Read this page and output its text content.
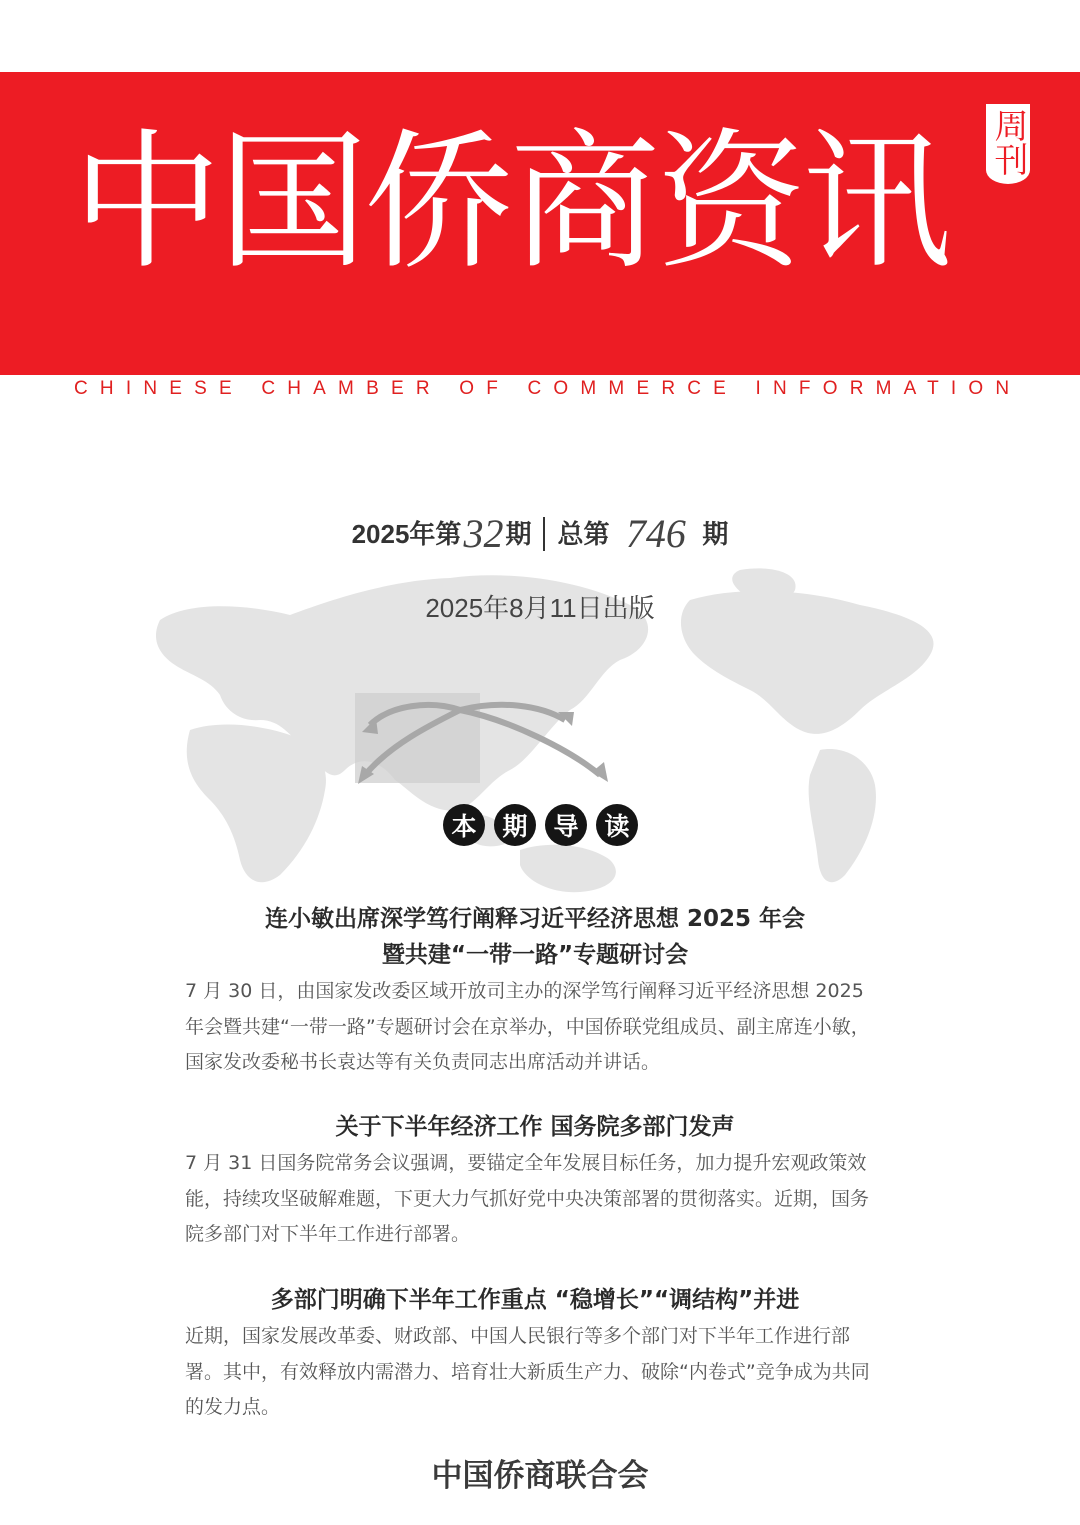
中国侨商资讯	周刊
CHINESE CHAMBER OF COMMERCE INFORMATION
2025年第32期 总第 746 期
2025年8月11日出版
本	期	导	读
连小敏出席深学笃行阐释习近平经济思想 2025 年会
暨共建“一带一路”专题研讨会
7 月 30 日，由国家发改委区域开放司主办的深学笃行阐释习近平经济思想 2025 年会暨共建“一带一路”专题研讨会在京举办，中国侨联党组成员、副主席连小敏，国家发改委秘书长袁达等有关负责同志出席活动并讲话。
关于下半年经济工作 国务院多部门发声
7 月 31 日国务院常务会议强调，要锚定全年发展目标任务，加力提升宏观政策效能，持续攻坚破解难题，下更大力气抓好党中央决策部署的贯彻落实。近期，国务院多部门对下半年工作进行部署。
多部门明确下半年工作重点 “稳增长”“调结构”并进
近期，国家发展改革委、财政部、中国人民银行等多个部门对下半年工作进行部署。其中，有效释放内需潜力、培育壮大新质生产力、破除“内卷式”竞争成为共同的发力点。
中国侨商联合会
